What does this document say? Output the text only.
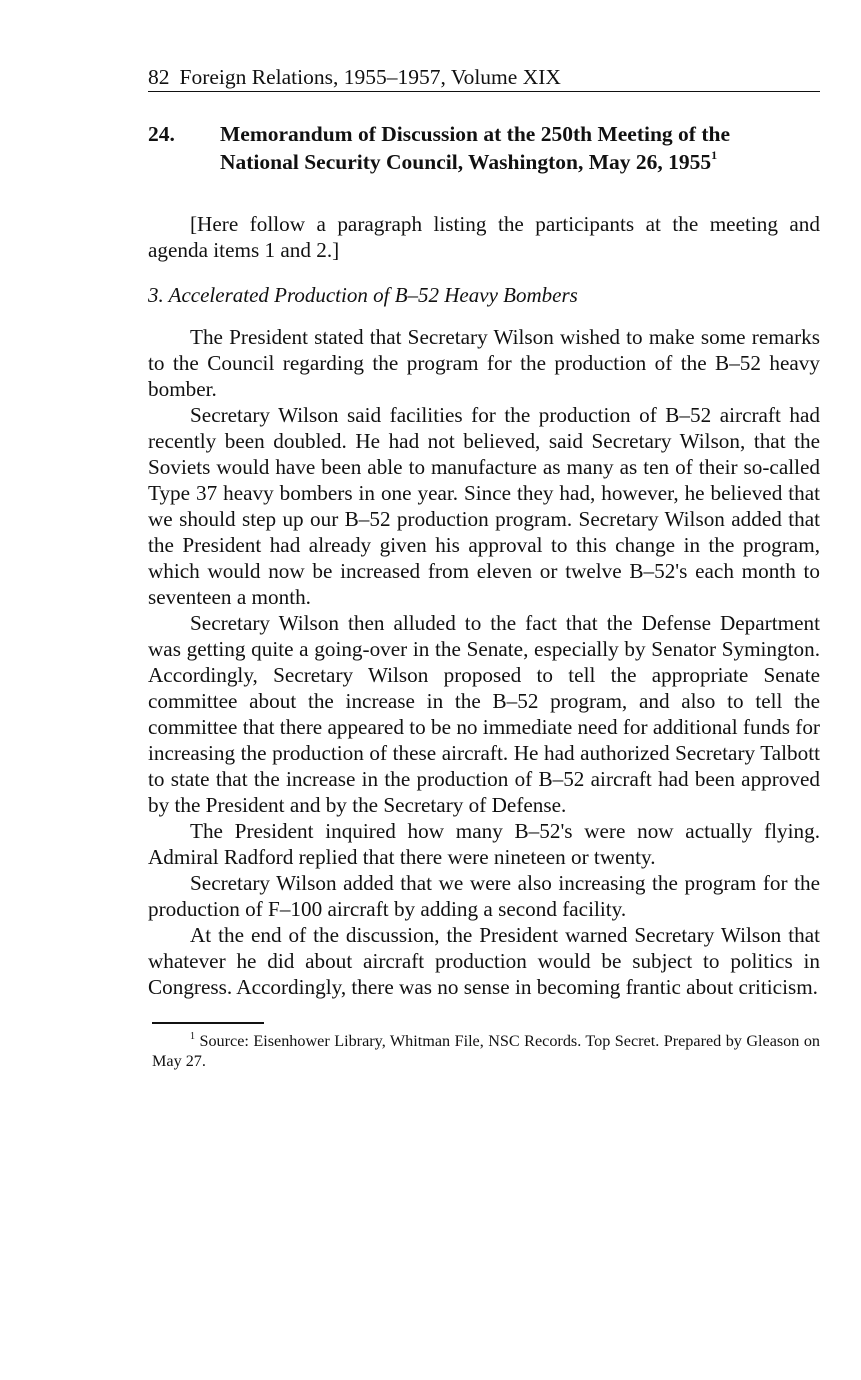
82 Foreign Relations, 1955–1957, Volume XIX
24. Memorandum of Discussion at the 250th Meeting of the
National Security Council, Washington, May 26, 1955$^1$

[Here follow a paragraph listing the participants at the meeting and agenda items 1 and 2.]

3. Accelerated Production of B–52 Heavy Bombers

The President stated that Secretary Wilson wished to make some remarks to the Council regarding the program for the production of the B–52 heavy bomber.

Secretary Wilson said facilities for the production of B–52 aircraft had recently been doubled. He had not believed, said Secretary Wilson, that the Soviets would have been able to manufacture as many as ten of their so-called Type 37 heavy bombers in one year. Since they had, however, he believed that we should step up our B–52 production program. Secretary Wilson added that the President had already given his approval to this change in the program, which would now be increased from eleven or twelve B–52's each month to seventeen a month.

Secretary Wilson then alluded to the fact that the Defense Department was getting quite a going-over in the Senate, especially by Senator Symington. Accordingly, Secretary Wilson proposed to tell the appropriate Senate committee about the increase in the B–52 program, and also to tell the committee that there appeared to be no immediate need for additional funds for increasing the production of these aircraft. He had authorized Secretary Talbott to state that the increase in the production of B–52 aircraft had been approved by the President and by the Secretary of Defense.

The President inquired how many B–52's were now actually flying. Admiral Radford replied that there were nineteen or twenty.

Secretary Wilson added that we were also increasing the program for the production of F–100 aircraft by adding a second facility.

At the end of the discussion, the President warned Secretary Wilson that whatever he did about aircraft production would be subject to politics in Congress. Accordingly, there was no sense in becoming frantic about criticism.

$^1$ Source: Eisenhower Library, Whitman File, NSC Records. Top Secret. Prepared by Gleason on May 27.
